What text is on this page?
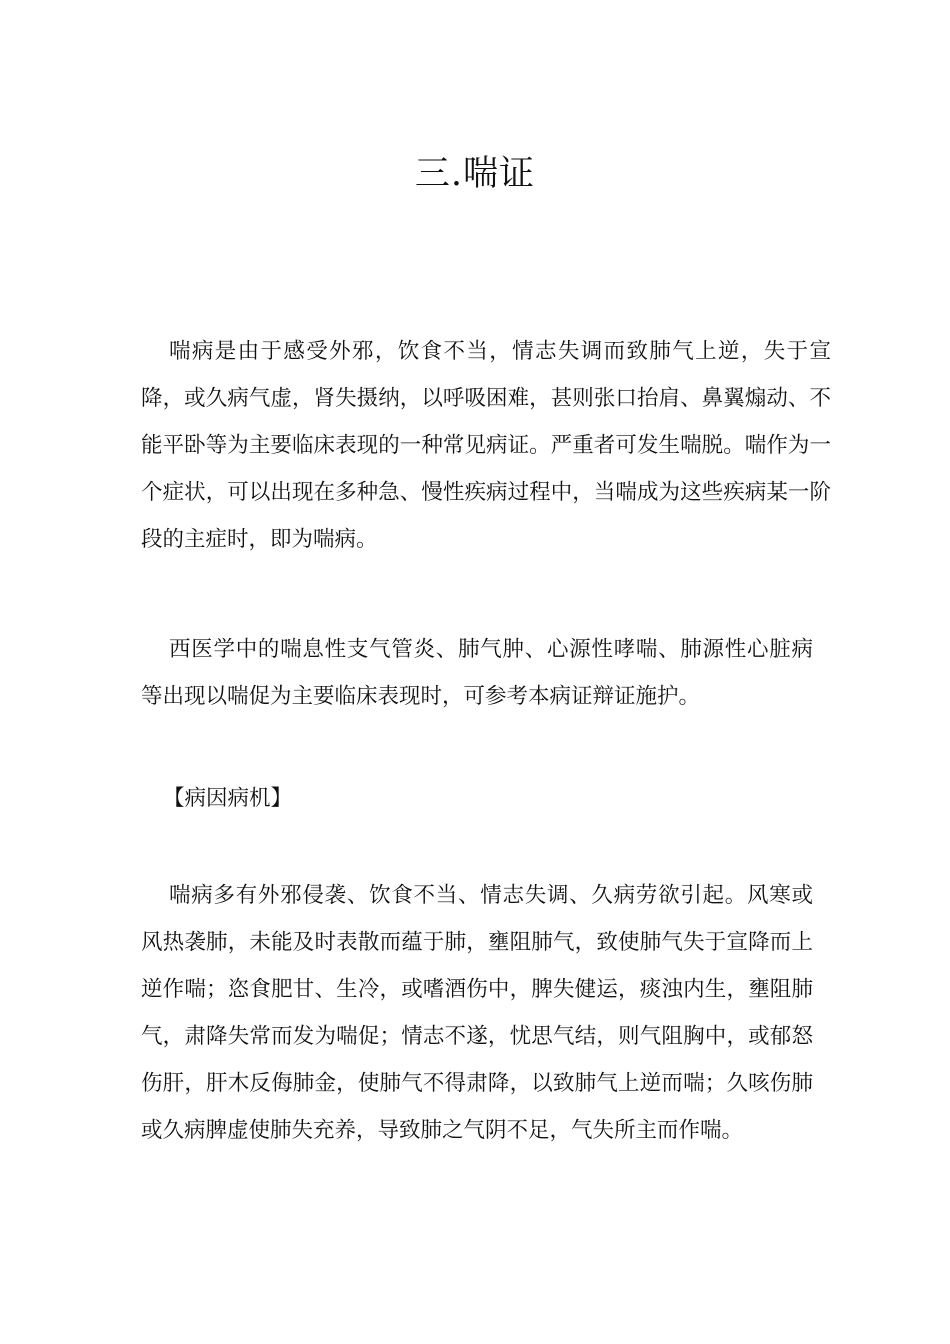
三.喘证

喘病是由于感受外邪，饮食不当，情志失调而致肺气上逆，失于宣降，或久病气虚，肾失摄纳，以呼吸困难，甚则张口抬肩、鼻翼煽动、不能平卧等为主要临床表现的一种常见病证。严重者可发生喘脱。喘作为一个症状，可以出现在多种急、慢性疾病过程中，当喘成为这些疾病某一阶段的主症时，即为喘病。

西医学中的喘息性支气管炎、肺气肿、心源性哮喘、肺源性心脏病等出现以喘促为主要临床表现时，可参考本病证辩证施护。

【病因病机】

喘病多有外邪侵袭、饮食不当、情志失调、久病劳欲引起。风寒或风热袭肺，未能及时表散而蕴于肺，壅阻肺气，致使肺气失于宣降而上逆作喘；恣食肥甘、生冷，或嗜酒伤中，脾失健运，痰浊内生，壅阻肺气，肃降失常而发为喘促；情志不遂，忧思气结，则气阻胸中，或郁怒伤肝，肝木反侮肺金，使肺气不得肃降，以致肺气上逆而喘；久咳伤肺或久病脾虚使肺失充养，导致肺之气阴不足，气失所主而作喘。
